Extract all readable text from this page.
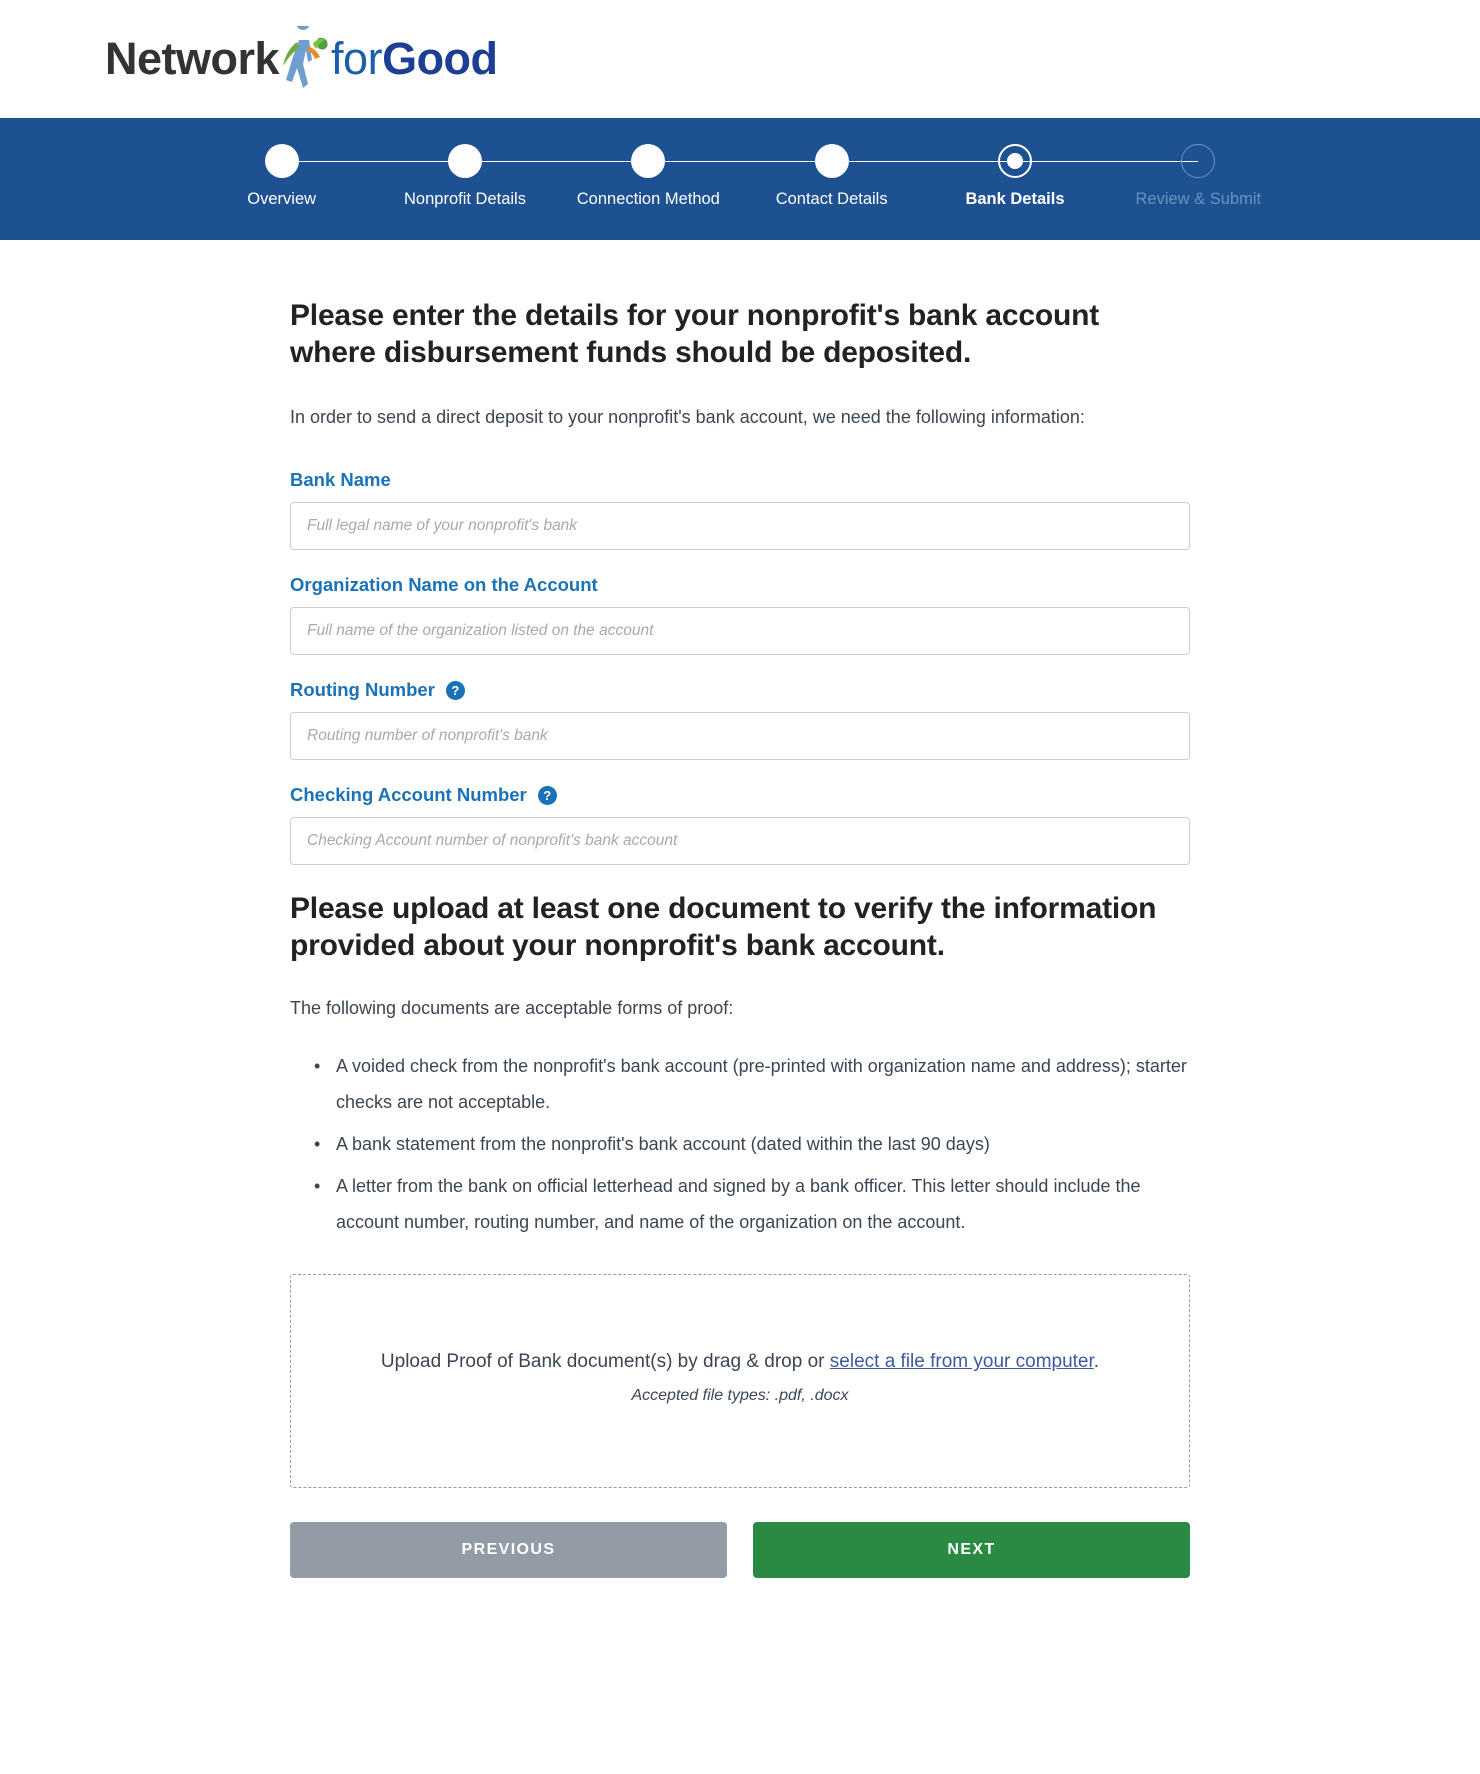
Network for Good
Overview	Nonprofit Details	Connection Method	Contact Details	Bank Details	Review & Submit
Please enter the details for your nonprofit's bank account where disbursement funds should be deposited.

In order to send a direct deposit to your nonprofit's bank account, we need the following information:

Bank Name
Full legal name of your nonprofit's bank
Organization Name on the Account
Full name of the organization listed on the account
Routing Number	?
Routing number of nonprofit's bank
Checking Account Number	?
Checking Account number of nonprofit's bank account
Please upload at least one document to verify the information provided about your nonprofit's bank account.

The following documents are acceptable forms of proof:

• A voided check from the nonprofit's bank account (pre-printed with organization name and address); starter checks are not acceptable.
• A bank statement from the nonprofit's bank account (dated within the last 90 days)
• A letter from the bank on official letterhead and signed by a bank officer. This letter should include the account number, routing number, and name of the organization on the account.
Upload Proof of Bank document(s) by drag & drop or select a file from your computer.
Accepted file types: .pdf, .docx
PREVIOUS	NEXT
